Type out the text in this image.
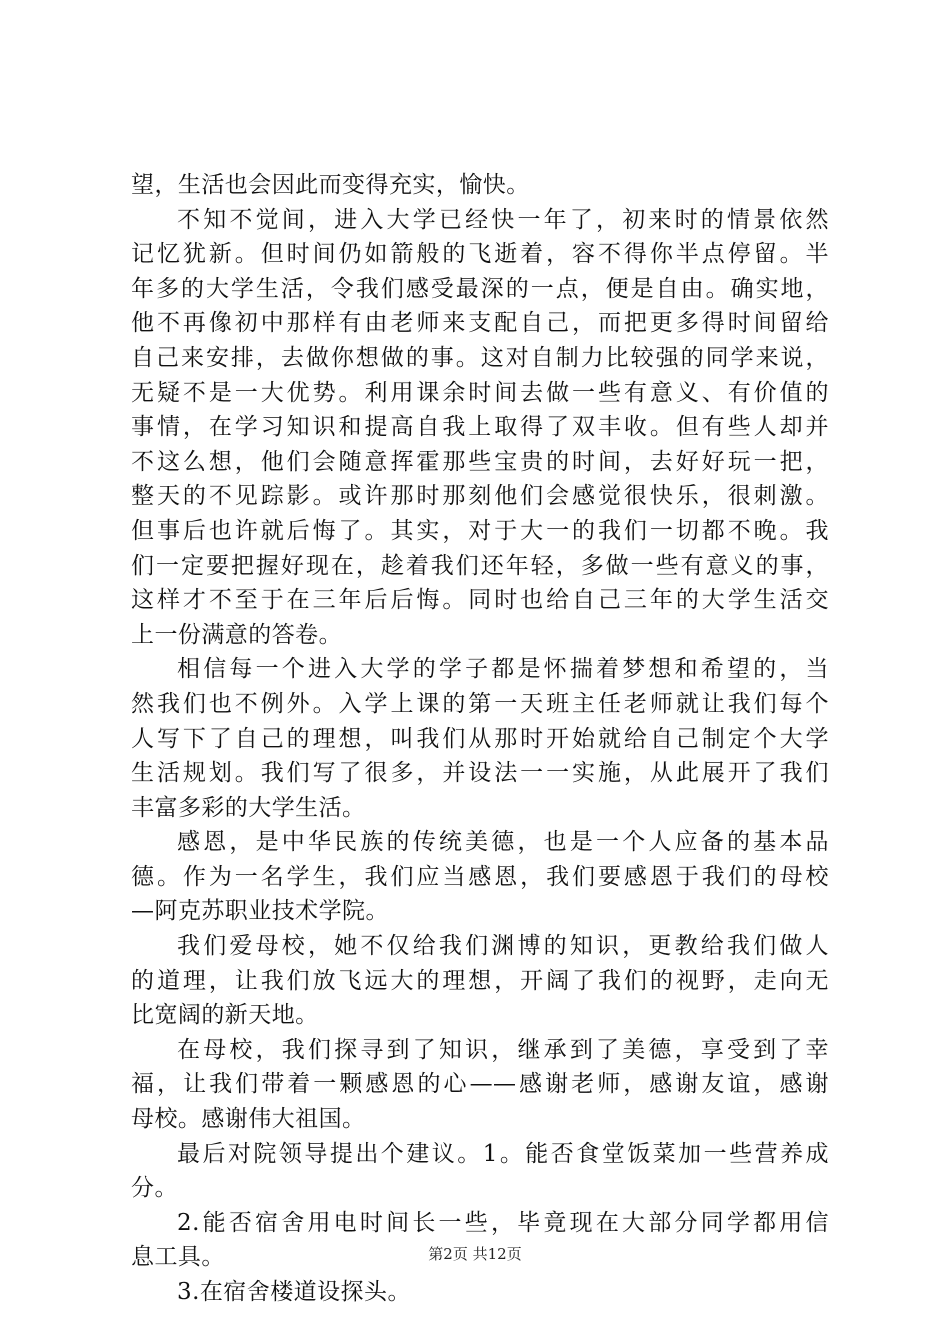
望，生活也会因此而变得充实，愉快。
不知不觉间，进入大学已经快一年了，初来时的情景依然
记忆犹新。但时间仍如箭般的飞逝着，容不得你半点停留。半
年多的大学生活，令我们感受最深的一点，便是自由。确实地，
他不再像初中那样有由老师来支配自己，而把更多得时间留给
自己来安排，去做你想做的事。这对自制力比较强的同学来说，
无疑不是一大优势。利用课余时间去做一些有意义、有价值的
事情，在学习知识和提高自我上取得了双丰收。但有些人却并
不这么想，他们会随意挥霍那些宝贵的时间，去好好玩一把，
整天的不见踪影。或许那时那刻他们会感觉很快乐，很刺激。
但事后也许就后悔了。其实，对于大一的我们一切都不晚。我
们一定要把握好现在，趁着我们还年轻，多做一些有意义的事，
这样才不至于在三年后后悔。同时也给自己三年的大学生活交
上一份满意的答卷。
相信每一个进入大学的学子都是怀揣着梦想和希望的，当
然我们也不例外。入学上课的第一天班主任老师就让我们每个
人写下了自己的理想，叫我们从那时开始就给自己制定个大学
生活规划。我们写了很多，并设法一一实施，从此展开了我们
丰富多彩的大学生活。
感恩，是中华民族的传统美德，也是一个人应备的基本品
德。作为一名学生，我们应当感恩，我们要感恩于我们的母校
—阿克苏职业技术学院。
我们爱母校，她不仅给我们渊博的知识，更教给我们做人
的道理，让我们放飞远大的理想，开阔了我们的视野，走向无
比宽阔的新天地。
在母校，我们探寻到了知识，继承到了美德，享受到了幸
福，让我们带着一颗感恩的心——感谢老师，感谢友谊，感谢
母校。感谢伟大祖国。
最后对院领导提出个建议。1。能否食堂饭菜加一些营养成
分。
2.能否宿舍用电时间长一些，毕竟现在大部分同学都用信
息工具。
3.在宿舍楼道设探头。
第2页 共12页
